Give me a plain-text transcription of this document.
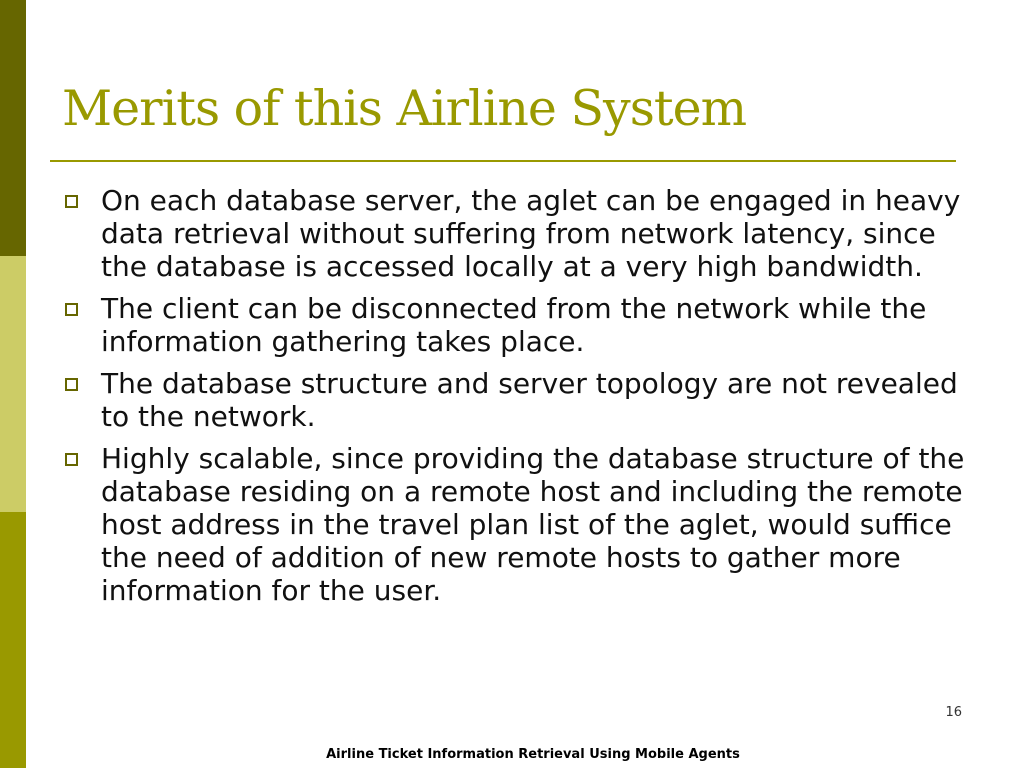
Merits of this Airline System
On each database server, the aglet can be engaged in heavy data retrieval without suffering from network latency, since the database is accessed locally at a very high bandwidth.
The client can be disconnected from the network while the information gathering takes place.
The database structure and server topology are not revealed to the network.
Highly scalable, since providing the database structure of the database residing on a remote host and including the remote host address in the travel plan list of the aglet, would suffice the need of addition of new remote hosts to gather more information for the user.
16
Airline Ticket Information Retrieval Using Mobile Agents
